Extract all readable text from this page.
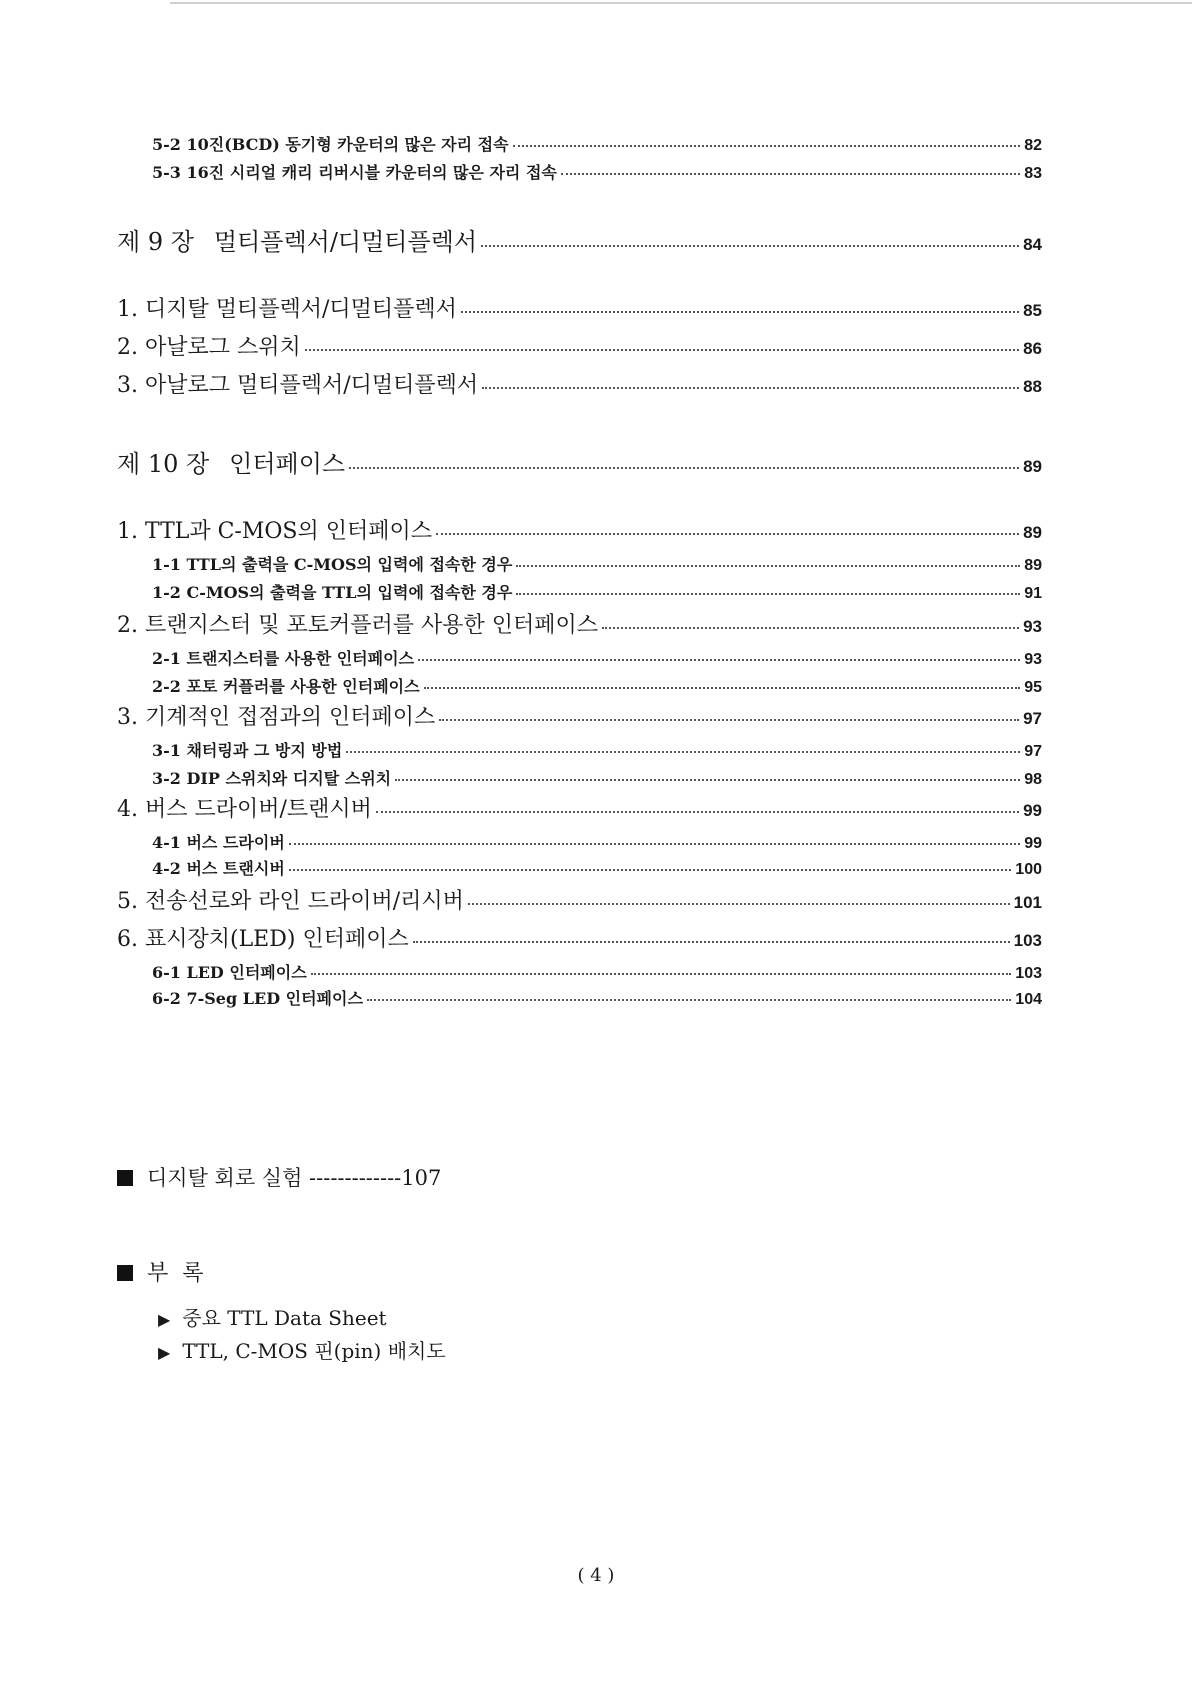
5-2 10진(BCD) 동기형 카운터의 많은 자리 접속	82
5-3 16진 시리얼 캐리 리버시블 카운터의 많은 자리 접속	83
제 9 장 멀티플렉서/디멀티플렉서	84
1. 디지탈 멀티플렉서/디멀티플렉서	85
2. 아날로그 스위치	86
3. 아날로그 멀티플렉서/디멀티플렉서	88
제 10 장 인터페이스	89
1. TTL과 C-MOS의 인터페이스	89
1-1 TTL의 출력을 C-MOS의 입력에 접속한 경우	89
1-2 C-MOS의 출력을 TTL의 입력에 접속한 경우	91
2. 트랜지스터 및 포토커플러를 사용한 인터페이스	93
2-1 트랜지스터를 사용한 인터페이스	93
2-2 포토 커플러를 사용한 인터페이스	95
3. 기계적인 접점과의 인터페이스	97
3-1 채터링과 그 방지 방법	97
3-2 DIP 스위치와 디지탈 스위치	98
4. 버스 드라이버/트랜시버	99
4-1 버스 드라이버	99
4-2 버스 트랜시버	100
5. 전송선로와 라인 드라이버/리시버	101
6. 표시장치(LED) 인터페이스	103
6-1 LED 인터페이스	103
6-2 7-Seg LED 인터페이스	104
디지탈 회로 실험 -------------107
부  록
▶ 중요 TTL Data Sheet
▶ TTL, C-MOS 핀(pin) 배치도
( 4 )
